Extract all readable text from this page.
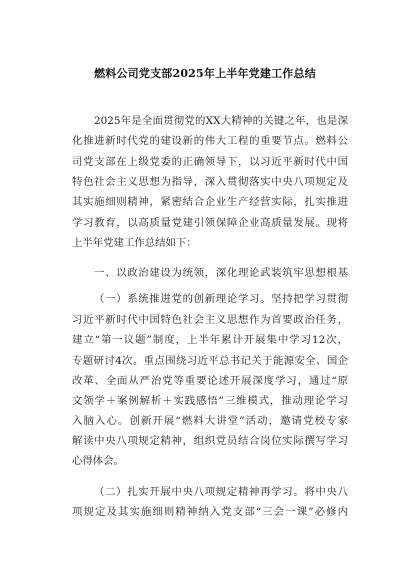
燃料公司党支部2025年上半年党建工作总结
2025年是全面贯彻党的XX大精神的关键之年，也是深
化推进新时代党的建设新的伟大工程的重要节点。燃料公
司党支部在上级党委的正确领导下，以习近平新时代中国
特色社会主义思想为指导，深入贯彻落实中央八项规定及
其实施细则精神，紧密结合企业生产经营实际，扎实推进
学习教育，以高质量党建引领保障企业高质量发展。现将
上半年党建工作总结如下：
一、以政治建设为统领，深化理论武装筑牢思想根基
（一）系统推进党的创新理论学习。坚持把学习贯彻
习近平新时代中国特色社会主义思想作为首要政治任务，
建立“第一议题”制度，上半年累计开展集中学习12次，
专题研讨4次。重点围绕习近平总书记关于能源安全、国企
改革、全面从严治党等重要论述开展深度学习，通过“原
文领学＋案例解析＋实践感悟”三维模式，推动理论学习
入脑入心。创新开展“燃料大讲堂”活动，邀请党校专家
解读中央八项规定精神，组织党员结合岗位实际撰写学习
心得体会。
（二）扎实开展中央八项规定精神再学习。将中央八
项规定及其实施细则精神纳入党支部“三会一课”必修内
